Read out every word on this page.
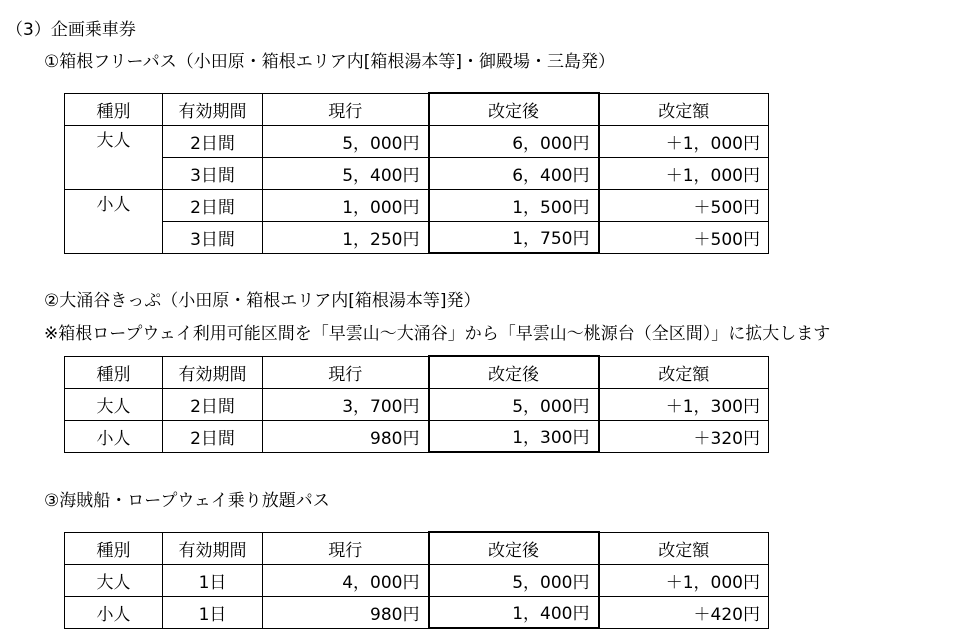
（3）企画乗車券
①箱根フリーパス（小田原・箱根エリア内[箱根湯本等]・御殿場・三島発）
種別	有効期間	現行	改定後	改定額
大人	2日間	5，000円	6，000円	＋1，000円
	3日間	5，400円	6，400円	＋1，000円
小人	2日間	1，000円	1，500円	＋500円
	3日間	1，250円	1，750円	＋500円
②大涌谷きっぷ（小田原・箱根エリア内[箱根湯本等]発）
※箱根ロープウェイ利用可能区間を「早雲山～大涌谷」から「早雲山～桃源台（全区間）」に拡大します
種別	有効期間	現行	改定後	改定額
大人	2日間	3，700円	5，000円	＋1，300円
小人	2日間	980円	1，300円	＋320円
③海賊船・ロープウェイ乗り放題パス
種別	有効期間	現行	改定後	改定額
大人	1日	4，000円	5，000円	＋1，000円
小人	1日	980円	1，400円	＋420円
